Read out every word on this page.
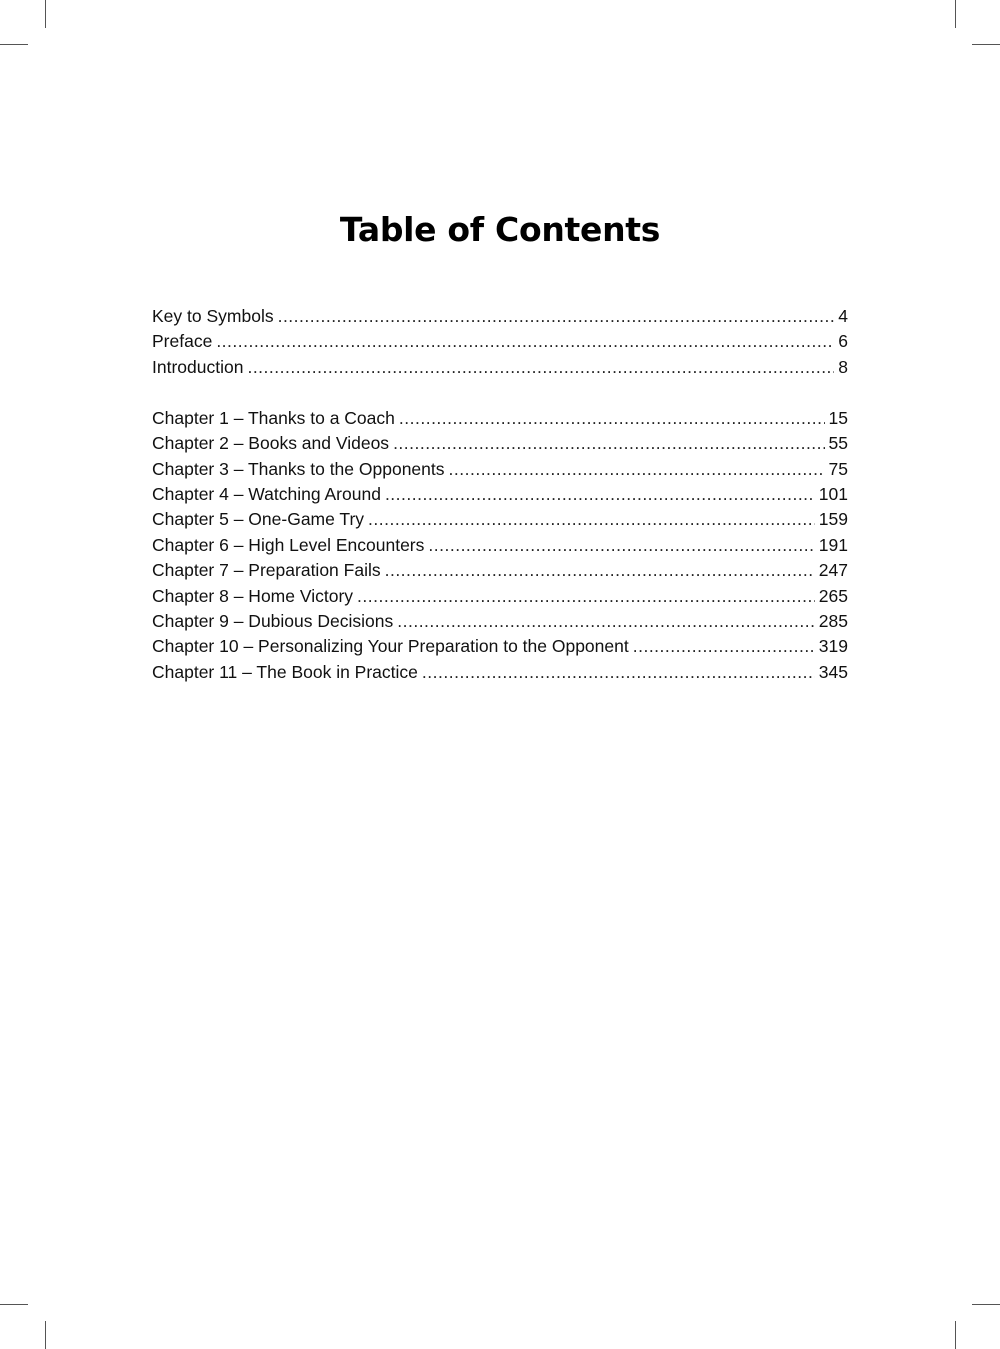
Table of Contents
Key to Symbols .....	4
Preface .....	6
Introduction .....	8
Chapter 1 – Thanks to a Coach .....	15
Chapter 2 – Books and Videos .....	55
Chapter 3 – Thanks to the Opponents .....	75
Chapter 4 – Watching Around .....	101
Chapter 5 – One-Game Try .....	159
Chapter 6 – High Level Encounters .....	191
Chapter 7 – Preparation Fails .....	247
Chapter 8 – Home Victory .....	265
Chapter 9 – Dubious Decisions .....	285
Chapter 10 – Personalizing Your Preparation to the Opponent .....	319
Chapter 11 – The Book in Practice .....	345
